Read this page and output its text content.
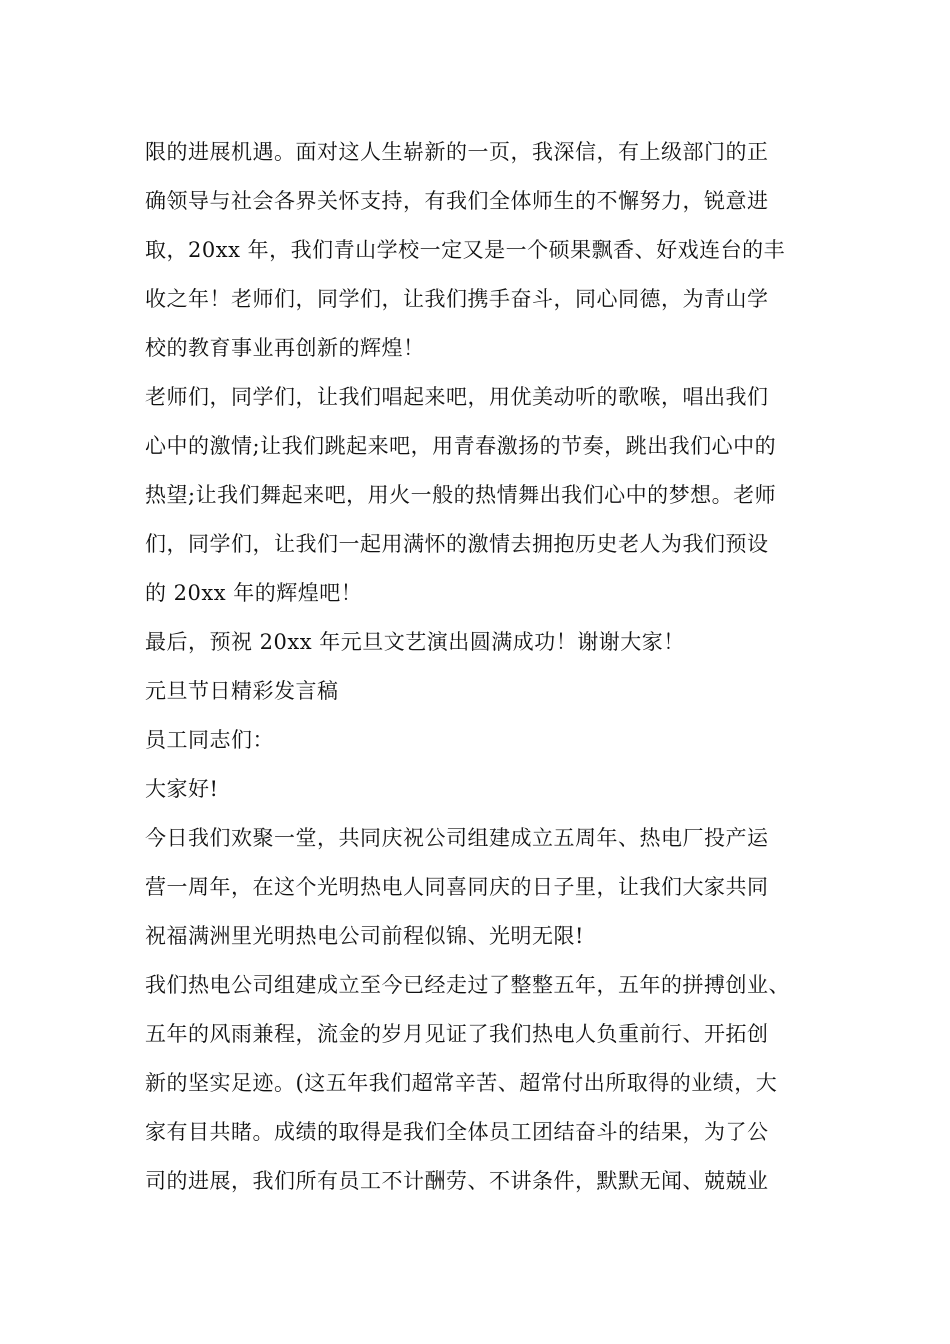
限的进展机遇。面对这人生崭新的一页，我深信，有上级部门的正
确领导与社会各界关怀支持，有我们全体师生的不懈努力，锐意进
取，20xx 年，我们青山学校一定又是一个硕果飘香、好戏连台的丰
收之年！老师们，同学们，让我们携手奋斗，同心同德，为青山学
校的教育事业再创新的辉煌！
老师们，同学们，让我们唱起来吧，用优美动听的歌喉，唱出我们
心中的激情;让我们跳起来吧，用青春激扬的节奏，跳出我们心中的
热望;让我们舞起来吧，用火一般的热情舞出我们心中的梦想。老师
们，同学们，让我们一起用满怀的激情去拥抱历史老人为我们预设
的 20xx 年的辉煌吧！
最后，预祝 20xx 年元旦文艺演出圆满成功！谢谢大家！
元旦节日精彩发言稿
员工同志们：
大家好!
今日我们欢聚一堂，共同庆祝公司组建成立五周年、热电厂投产运
营一周年，在这个光明热电人同喜同庆的日子里，让我们大家共同
祝福满洲里光明热电公司前程似锦、光明无限!
我们热电公司组建成立至今已经走过了整整五年，五年的拼搏创业、
五年的风雨兼程，流金的岁月见证了我们热电人负重前行、开拓创
新的坚实足迹。(这五年我们超常辛苦、超常付出所取得的业绩，大
家有目共睹。成绩的取得是我们全体员工团结奋斗的结果，为了公
司的进展，我们所有员工不计酬劳、不讲条件，默默无闻、兢兢业
